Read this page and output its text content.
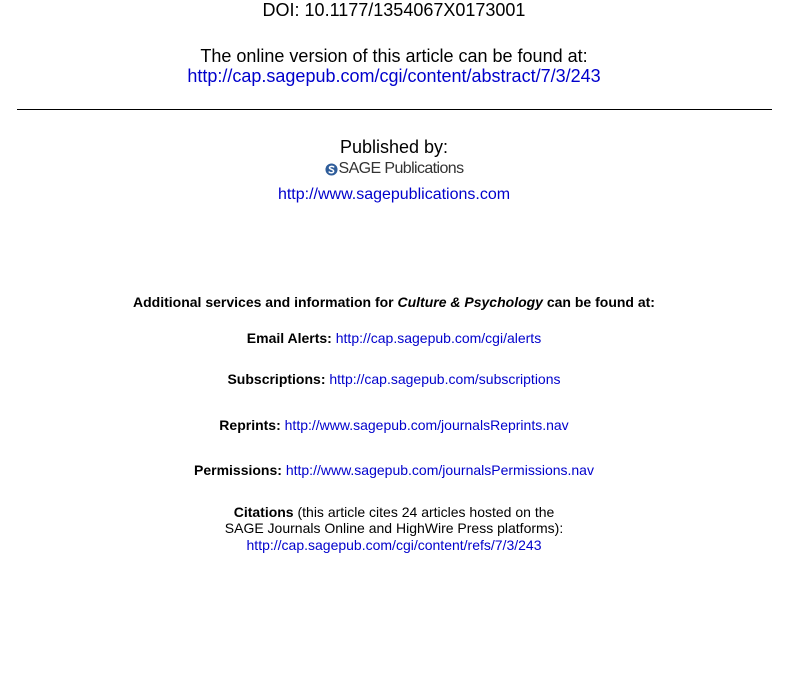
DOI: 10.1177/1354067X0173001
The online version of this article can be found at:
http://cap.sagepub.com/cgi/content/abstract/7/3/243
Published by:
SAGE Publications
http://www.sagepublications.com
Additional services and information for Culture & Psychology can be found at:
Email Alerts: http://cap.sagepub.com/cgi/alerts
Subscriptions: http://cap.sagepub.com/subscriptions
Reprints: http://www.sagepub.com/journalsReprints.nav
Permissions: http://www.sagepub.com/journalsPermissions.nav
Citations (this article cites 24 articles hosted on the
SAGE Journals Online and HighWire Press platforms):
http://cap.sagepub.com/cgi/content/refs/7/3/243
